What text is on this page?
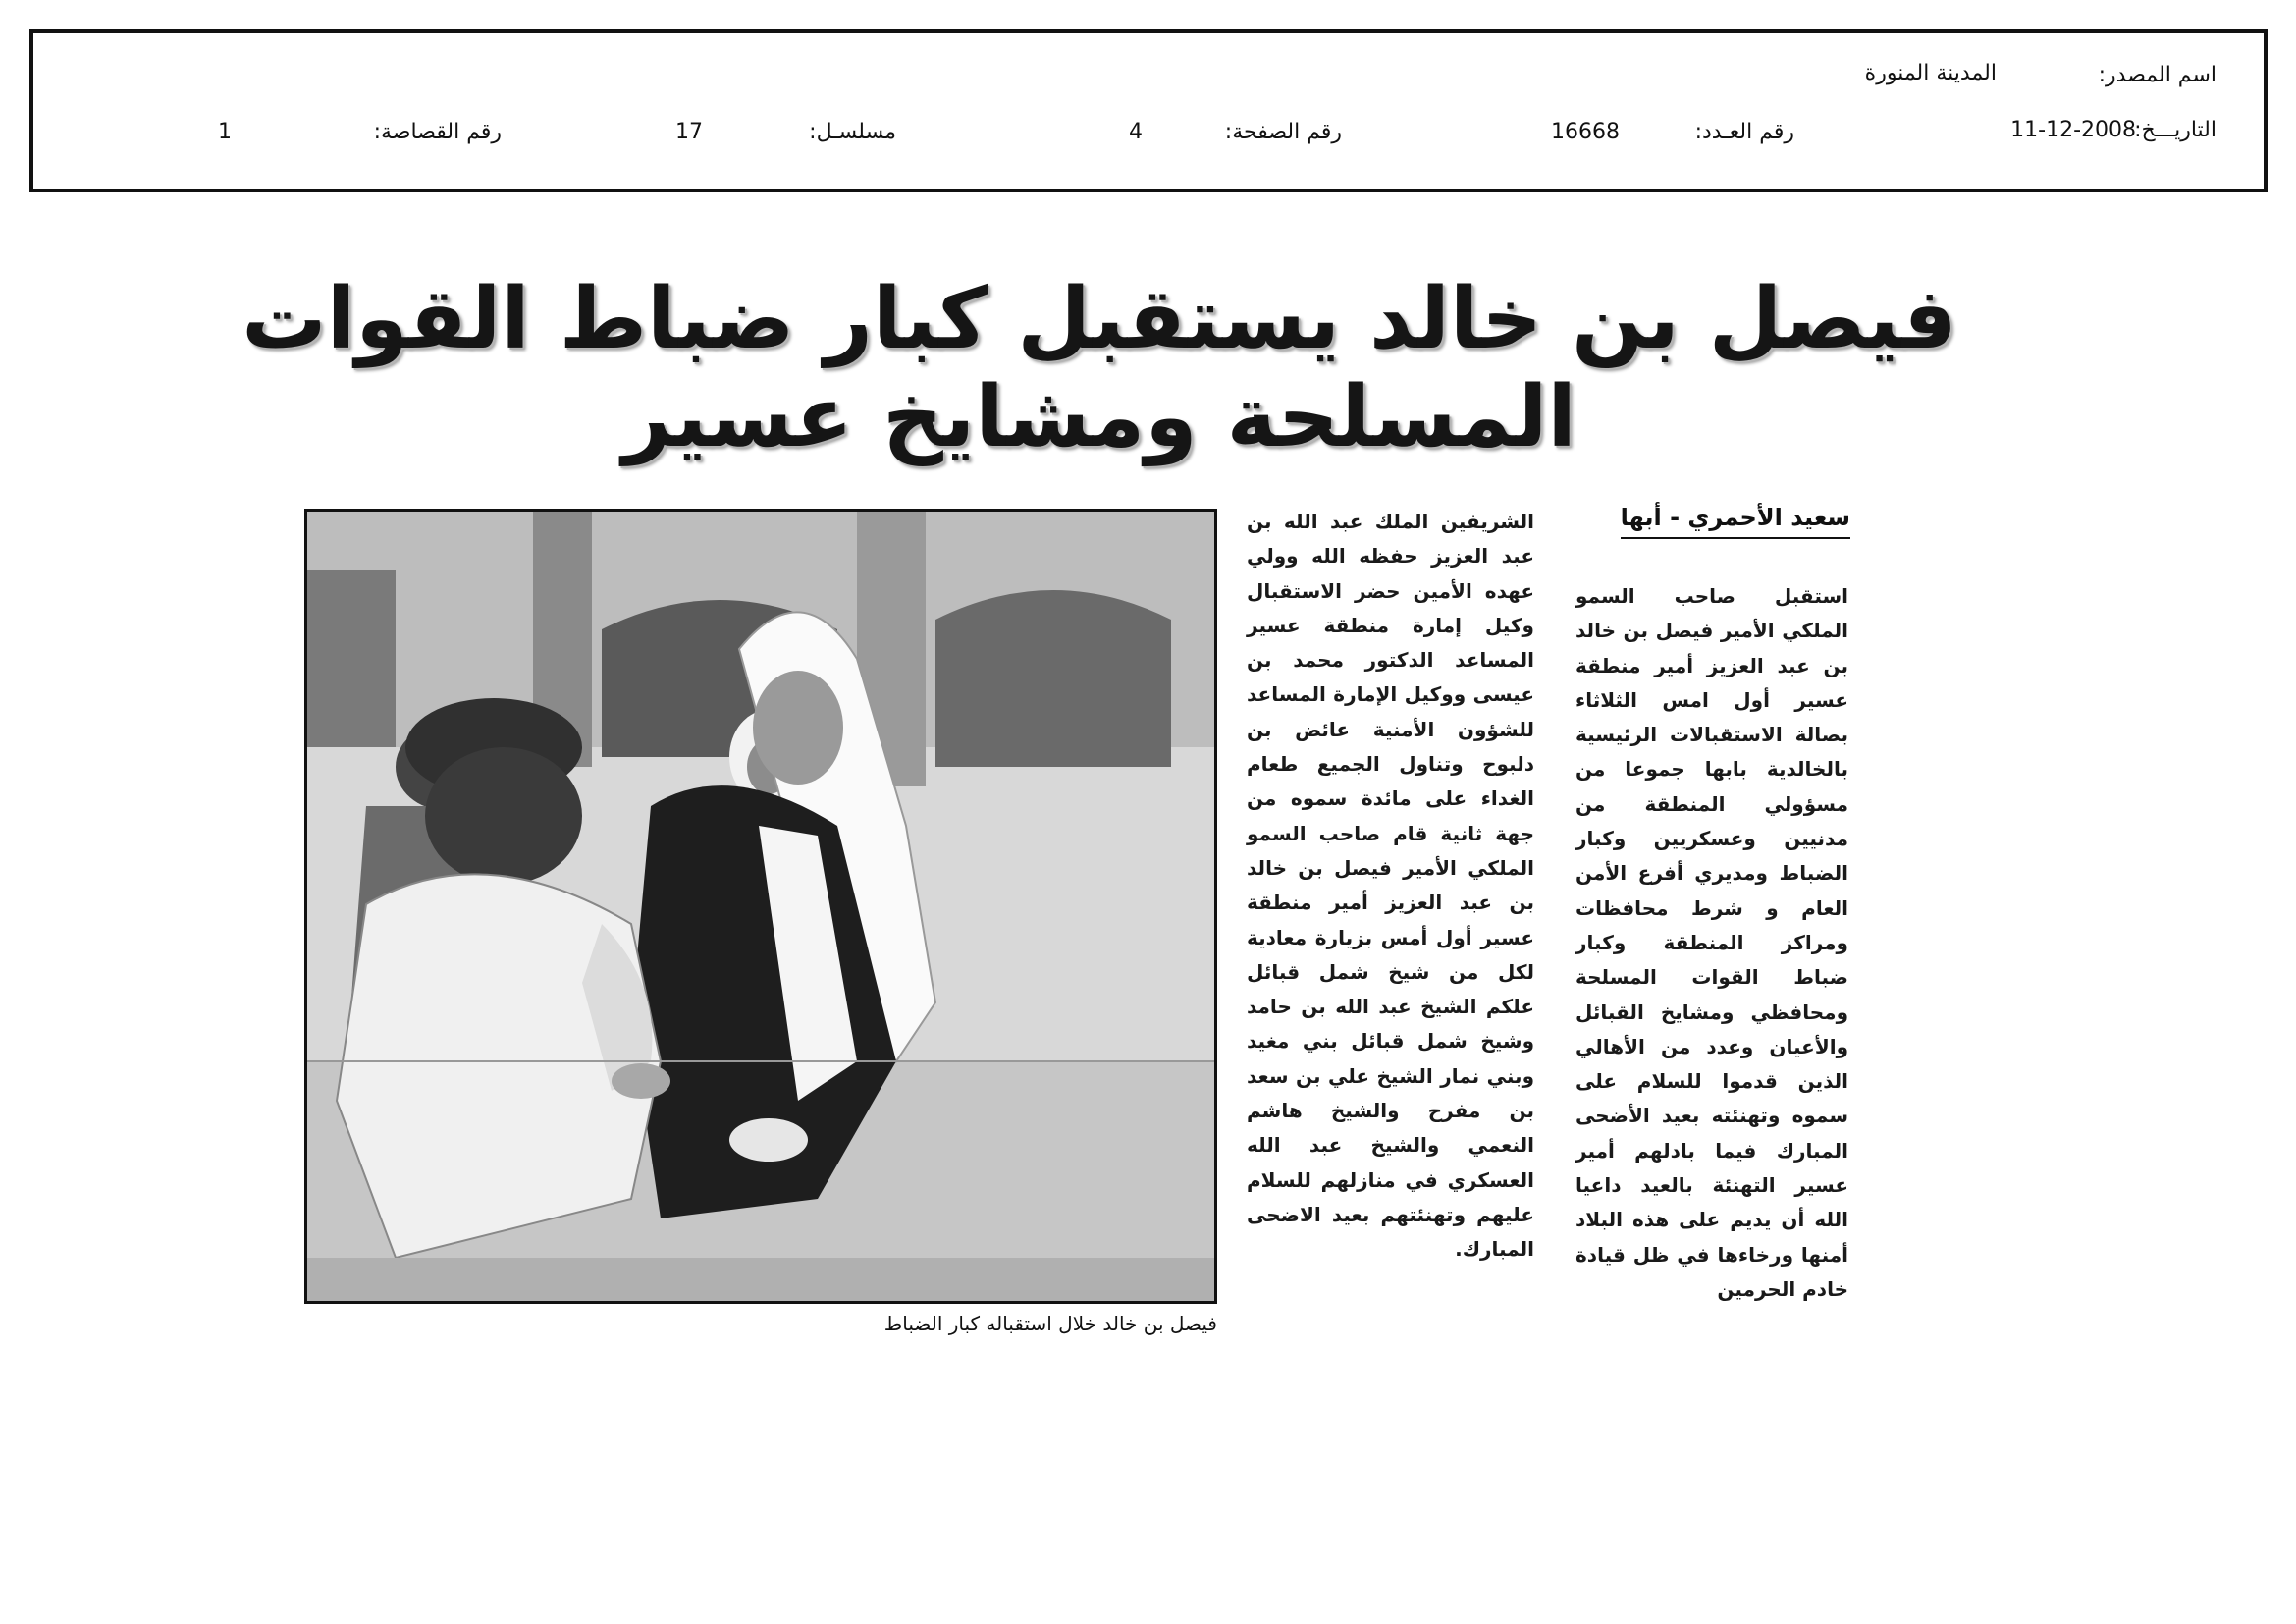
اسم المصدر:
المدينة المنورة
التاريـــخ:
11-12-2008
رقم العـدد:
16668
رقم الصفحة:
4
مسلسـل:
17
رقم القصاصة:
1
فيصل بن خالد يستقبل كبار ضباط القوات المسلحة ومشايخ عسير
سعيد الأحمري - أبها
استقبل صاحب السمو الملكي الأمير فيصل بن خالد بن عبد العزيز أمير منطقة عسير أول امس الثلاثاء بصالة الاستقبالات الرئيسية بالخالدية بابها جموعا من مسؤولي المنطقة من مدنيين وعسكريين وكبار الضباط ومديري أفرع الأمن العام و شرط محافظات ومراكز المنطقة وكبار ضباط القوات المسلحة ومحافظي ومشايخ القبائل والأعيان وعدد من الأهالي الذين قدموا للسلام على سموه وتهنئته بعيد الأضحى المبارك فيما بادلهم أمير عسير التهنئة بالعيد داعيا الله أن يديم على هذه البلاد أمنها ورخاءها في ظل قيادة خادم الحرمين
الشريفين الملك عبد الله بن عبد العزيز حفظه الله وولي عهده الأمين حضر الاستقبال وكيل إمارة منطقة عسير المساعد الدكتور محمد بن عيسى ووكيل الإمارة المساعد للشؤون الأمنية عائض بن دلبوح وتناول الجميع طعام الغداء على مائدة سموه من جهة ثانية قام صاحب السمو الملكي الأمير فيصل بن خالد بن عبد العزيز أمير منطقة عسير أول أمس بزيارة معادية لكل من شيخ شمل قبائل علكم الشيخ عبد الله بن حامد وشيخ شمل قبائل بني مغيد وبني نمار الشيخ علي بن سعد بن مفرح والشيخ هاشم النعمي والشيخ عبد الله العسكري في منازلهم للسلام عليهم وتهنئتهم بعيد الاضحى المبارك.
فيصل بن خالد خلال استقباله كبار الضباط
